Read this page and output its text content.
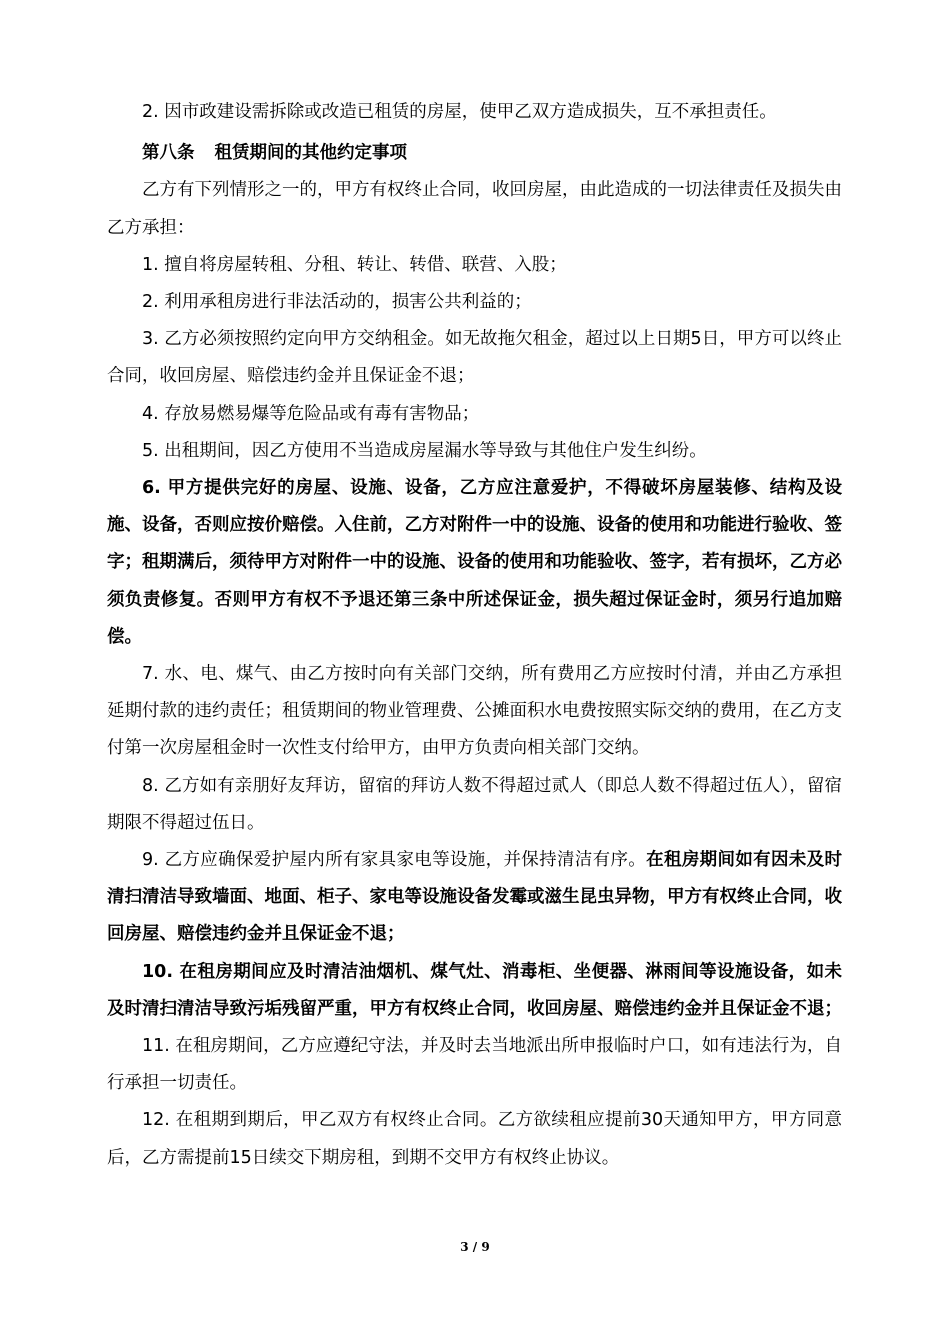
2. 因市政建设需拆除或改造已租赁的房屋，使甲乙双方造成损失，互不承担责任。

第八条 租赁期间的其他约定事项

乙方有下列情形之一的，甲方有权终止合同，收回房屋，由此造成的一切法律责任及损失由乙方承担：

1. 擅自将房屋转租、分租、转让、转借、联营、入股；

2. 利用承租房进行非法活动的，损害公共利益的；

3. 乙方必须按照约定向甲方交纳租金。如无故拖欠租金，超过以上日期5日，甲方可以终止合同，收回房屋、赔偿违约金并且保证金不退；

4. 存放易燃易爆等危险品或有毒有害物品；

5. 出租期间，因乙方使用不当造成房屋漏水等导致与其他住户发生纠纷。

6. 甲方提供完好的房屋、设施、设备，乙方应注意爱护，不得破坏房屋装修、结构及设施、设备，否则应按价赔偿。入住前，乙方对附件一中的设施、设备的使用和功能进行验收、签字；租期满后，须待甲方对附件一中的设施、设备的使用和功能验收、签字，若有损坏，乙方必须负责修复。否则甲方有权不予退还第三条中所述保证金，损失超过保证金时，须另行追加赔偿。

7. 水、电、煤气、由乙方按时向有关部门交纳，所有费用乙方应按时付清，并由乙方承担延期付款的违约责任；租赁期间的物业管理费、公摊面积水电费按照实际交纳的费用，在乙方支付第一次房屋租金时一次性支付给甲方，由甲方负责向相关部门交纳。

8. 乙方如有亲朋好友拜访，留宿的拜访人数不得超过贰人（即总人数不得超过伍人），留宿期限不得超过伍日。

9. 乙方应确保爱护屋内所有家具家电等设施，并保持清洁有序。在租房期间如有因未及时清扫清洁导致墙面、地面、柜子、家电等设施设备发霉或滋生昆虫异物，甲方有权终止合同，收回房屋、赔偿违约金并且保证金不退；

10. 在租房期间应及时清洁油烟机、煤气灶、消毒柜、坐便器、淋雨间等设施设备，如未及时清扫清洁导致污垢残留严重，甲方有权终止合同，收回房屋、赔偿违约金并且保证金不退；

11. 在租房期间，乙方应遵纪守法，并及时去当地派出所申报临时户口，如有违法行为，自行承担一切责任。

12. 在租期到期后，甲乙双方有权终止合同。乙方欲续租应提前30天通知甲方，甲方同意后，乙方需提前15日续交下期房租，到期不交甲方有权终止协议。

3 / 9
